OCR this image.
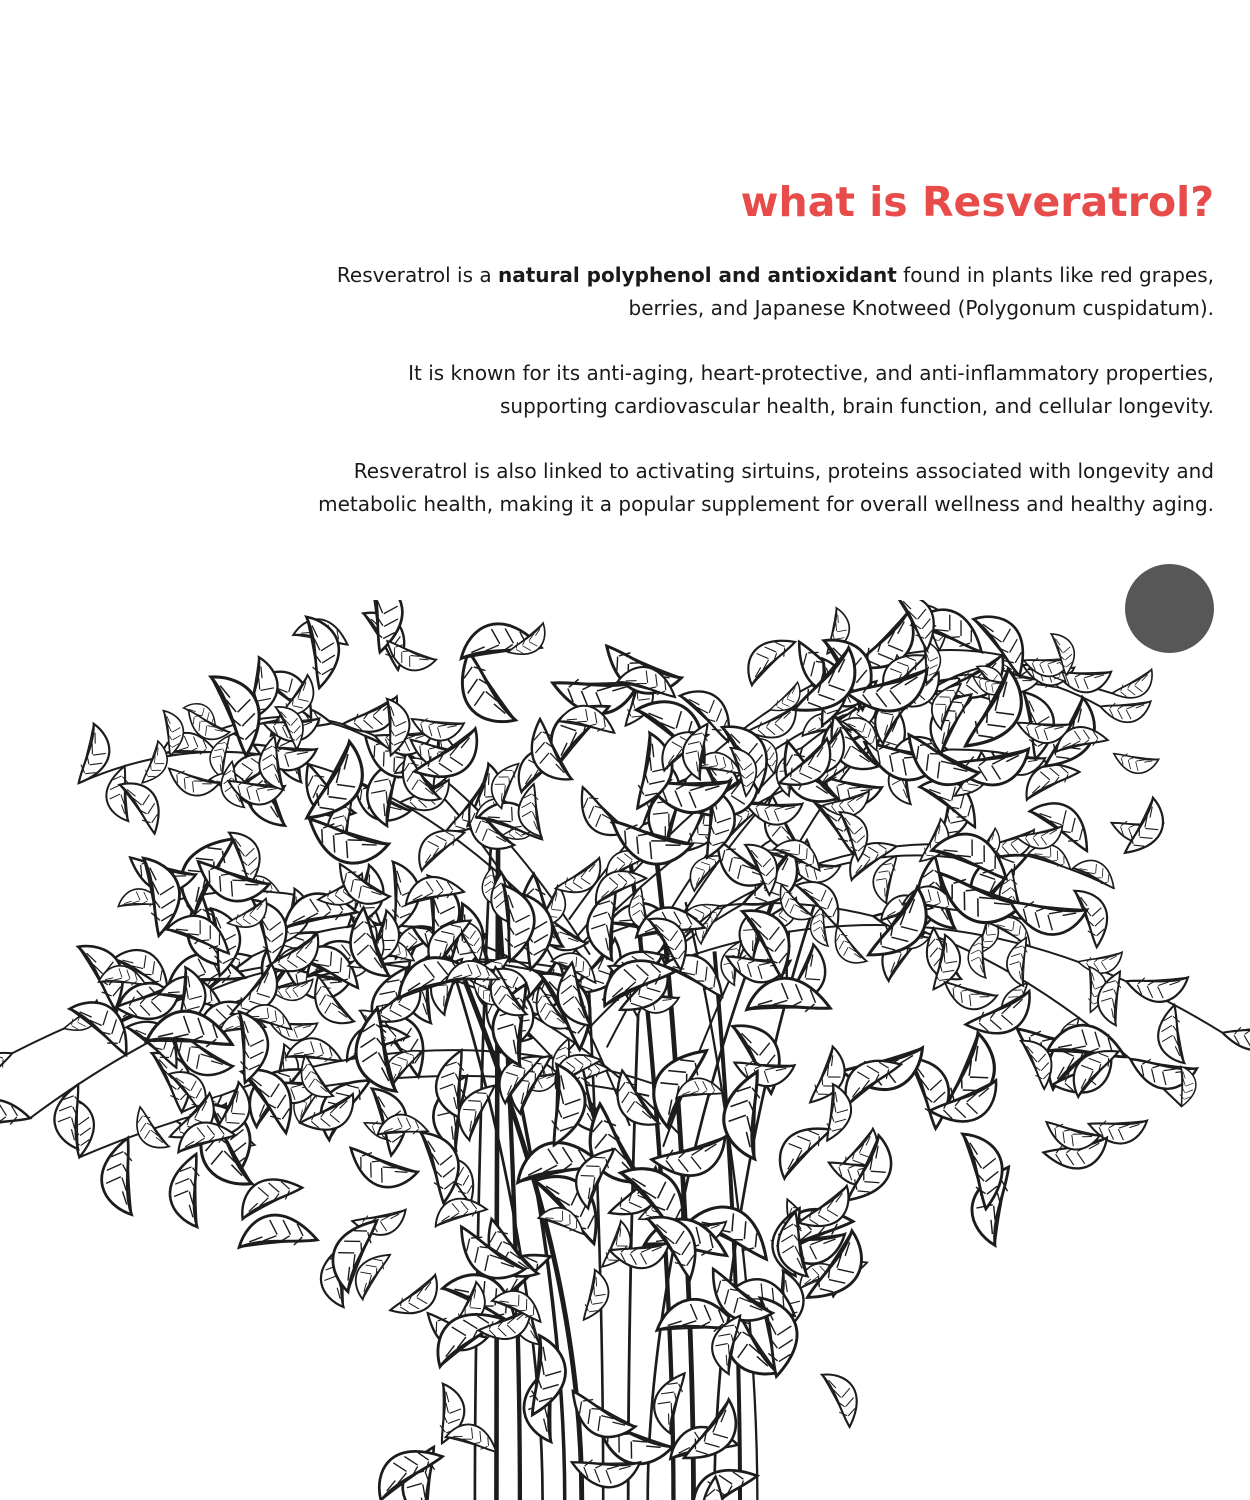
what is Resveratrol?

Resveratrol is a natural polyphenol and antioxidant found in plants like red grapes,
berries, and Japanese Knotweed (Polygonum cuspidatum).

It is known for its anti-aging, heart-protective, and anti-inflammatory properties,
supporting cardiovascular health, brain function, and cellular longevity.

Resveratrol is also linked to activating sirtuins, proteins associated with longevity and
metabolic health, making it a popular supplement for overall wellness and healthy aging.
